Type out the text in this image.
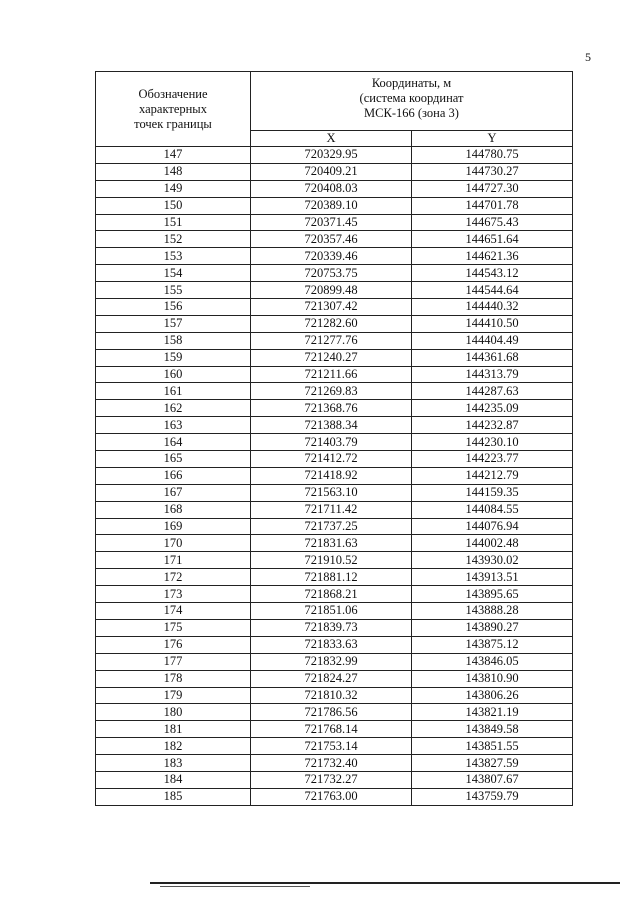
5
Обозначение
характерных
точек границы	Координаты, м
(система координат
МСК-166 (зона 3)	

	X	Y
147	720329.95	144780.75
148	720409.21	144730.27
149	720408.03	144727.30
150	720389.10	144701.78
151	720371.45	144675.43
152	720357.46	144651.64
153	720339.46	144621.36
154	720753.75	144543.12
155	720899.48	144544.64
156	721307.42	144440.32
157	721282.60	144410.50
158	721277.76	144404.49
159	721240.27	144361.68
160	721211.66	144313.79
161	721269.83	144287.63
162	721368.76	144235.09
163	721388.34	144232.87
164	721403.79	144230.10
165	721412.72	144223.77
166	721418.92	144212.79
167	721563.10	144159.35
168	721711.42	144084.55
169	721737.25	144076.94
170	721831.63	144002.48
171	721910.52	143930.02
172	721881.12	143913.51
173	721868.21	143895.65
174	721851.06	143888.28
175	721839.73	143890.27
176	721833.63	143875.12
177	721832.99	143846.05
178	721824.27	143810.90
179	721810.32	143806.26
180	721786.56	143821.19
181	721768.14	143849.58
182	721753.14	143851.55
183	721732.40	143827.59
184	721732.27	143807.67
185	721763.00	143759.79
